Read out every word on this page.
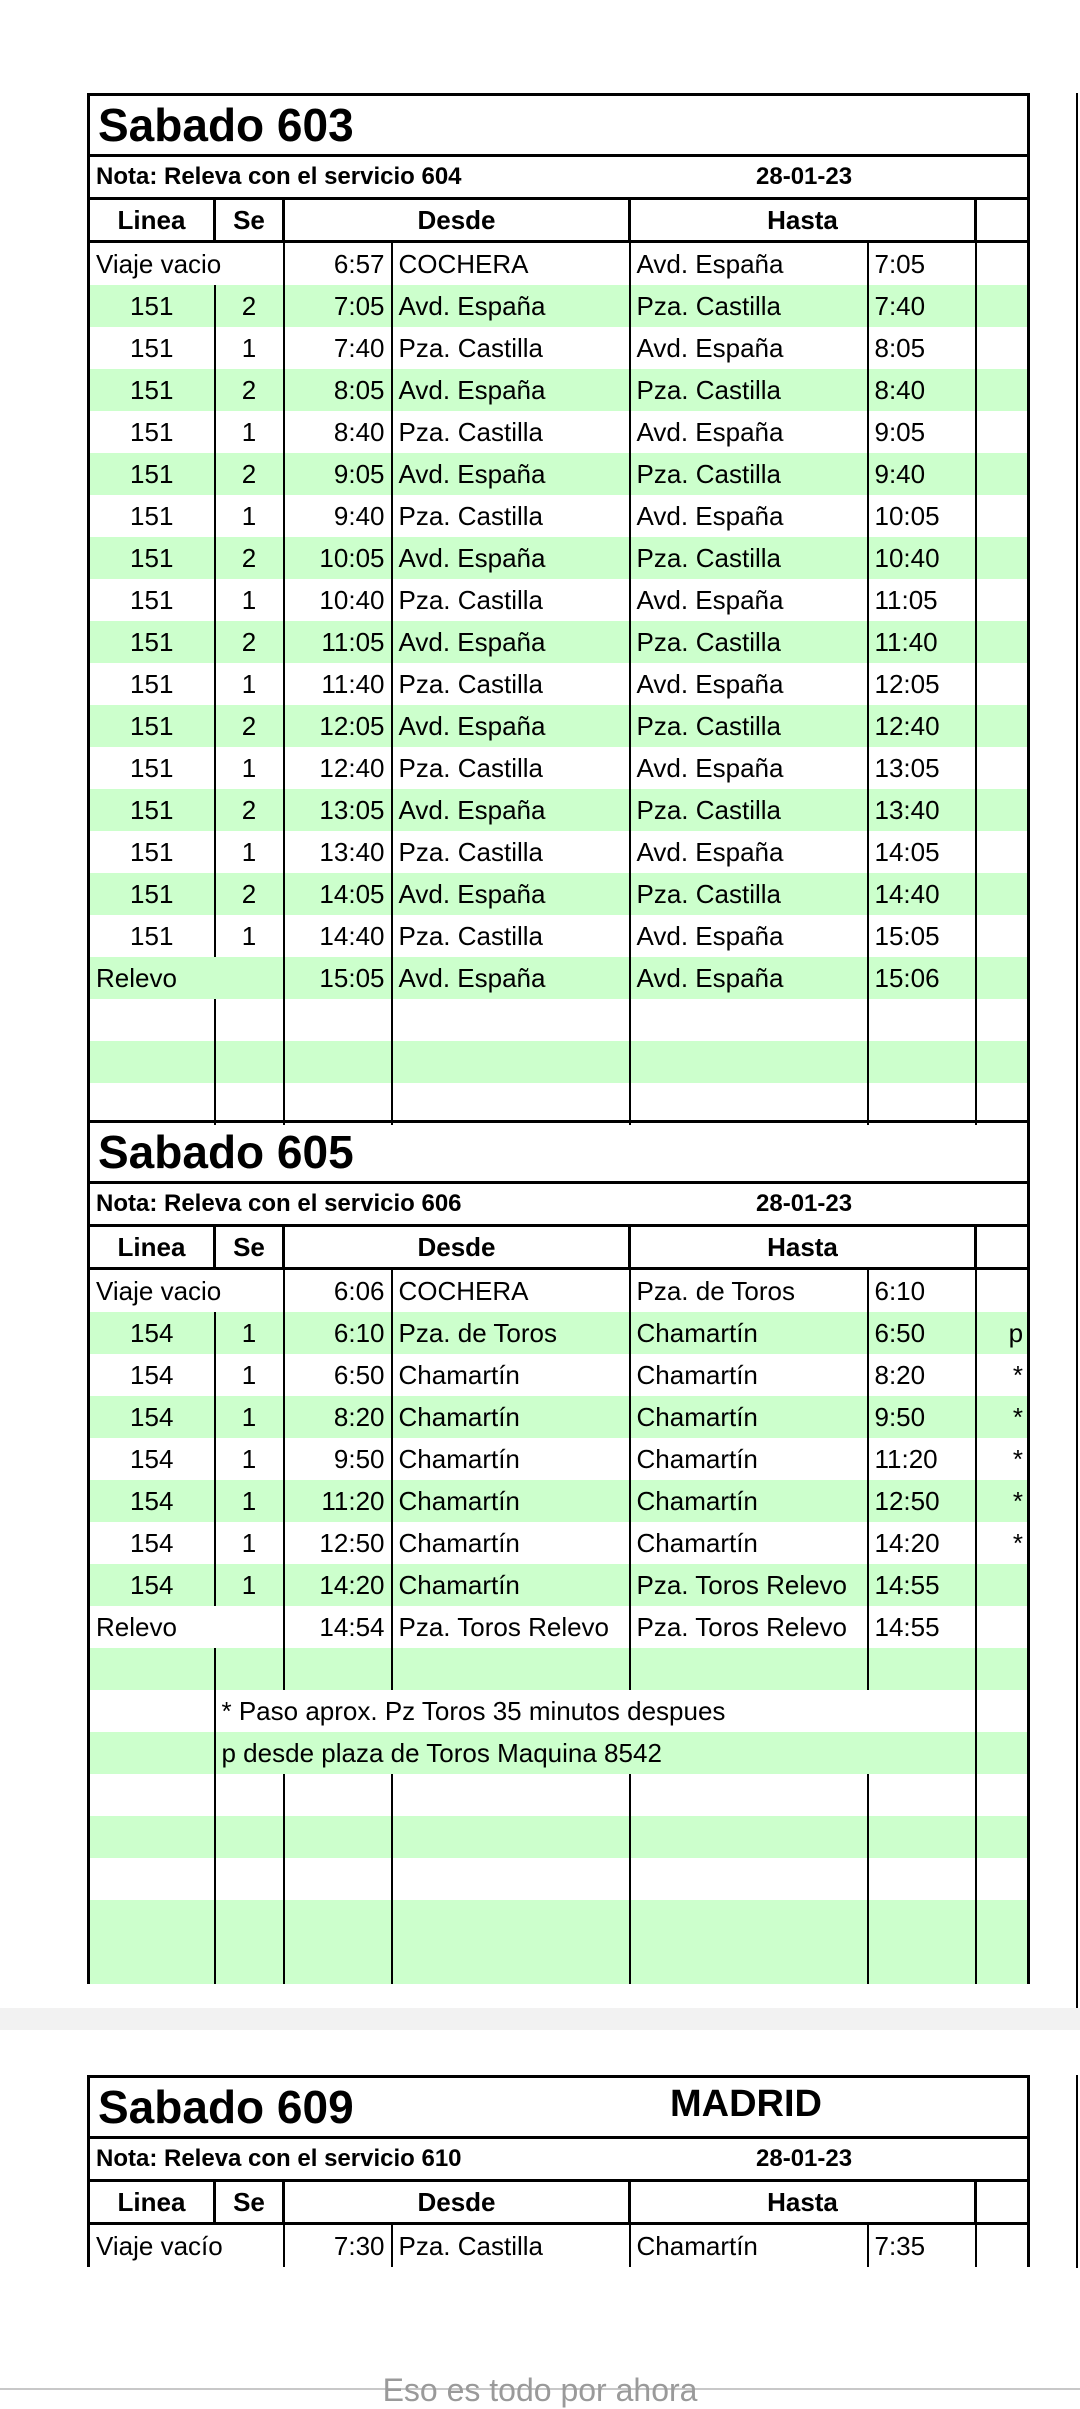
Sabado 603						
Nota: Releva con el servicio 604 28-01-23						

Linea	Se	Desde		Hasta		
Viaje vacio		6:57	COCHERA	Avd. España	7:05	
151	2	7:05	Avd. España	Pza. Castilla	7:40	
151	1	7:40	Pza. Castilla	Avd. España	8:05	
151	2	8:05	Avd. España	Pza. Castilla	8:40	
151	1	8:40	Pza. Castilla	Avd. España	9:05	
151	2	9:05	Avd. España	Pza. Castilla	9:40	
151	1	9:40	Pza. Castilla	Avd. España	10:05	
151	2	10:05	Avd. España	Pza. Castilla	10:40	
151	1	10:40	Pza. Castilla	Avd. España	11:05	
151	2	11:05	Avd. España	Pza. Castilla	11:40	
151	1	11:40	Pza. Castilla	Avd. España	12:05	
151	2	12:05	Avd. España	Pza. Castilla	12:40	
151	1	12:40	Pza. Castilla	Avd. España	13:05	
151	2	13:05	Avd. España	Pza. Castilla	13:40	
151	1	13:40	Pza. Castilla	Avd. España	14:05	
151	2	14:05	Avd. España	Pza. Castilla	14:40	
151	1	14:40	Pza. Castilla	Avd. España	15:05	
Relevo		15:05	Avd. España	Avd. España	15:06	

Sabado 605						
Nota: Releva con el servicio 606 28-01-23						

Linea	Se	Desde		Hasta		
Viaje vacio		6:06	COCHERA	Pza. de Toros	6:10	
154	1	6:10	Pza. de Toros	Chamartín	6:50	p
154	1	6:50	Chamartín	Chamartín	8:20	*
154	1	8:20	Chamartín	Chamartín	9:50	*
154	1	9:50	Chamartín	Chamartín	11:20	*
154	1	11:20	Chamartín	Chamartín	12:50	*
154	1	12:50	Chamartín	Chamartín	14:20	*
154	1	14:20	Chamartín	Pza. Toros Relevo	14:55	
Relevo		14:54	Pza. Toros Relevo	Pza. Toros Relevo	14:55	

	* Paso aprox. Pz Toros 35 minutos despues					
	p desde plaza de Toros Maquina 8542					

MADRID
Sabado 609						
Nota: Releva con el servicio 610 28-01-23						

Linea	Se	Desde		Hasta		
Viaje vacío		7:30	Pza. Castilla	Chamartín	7:35	
Eso es todo por ahora
